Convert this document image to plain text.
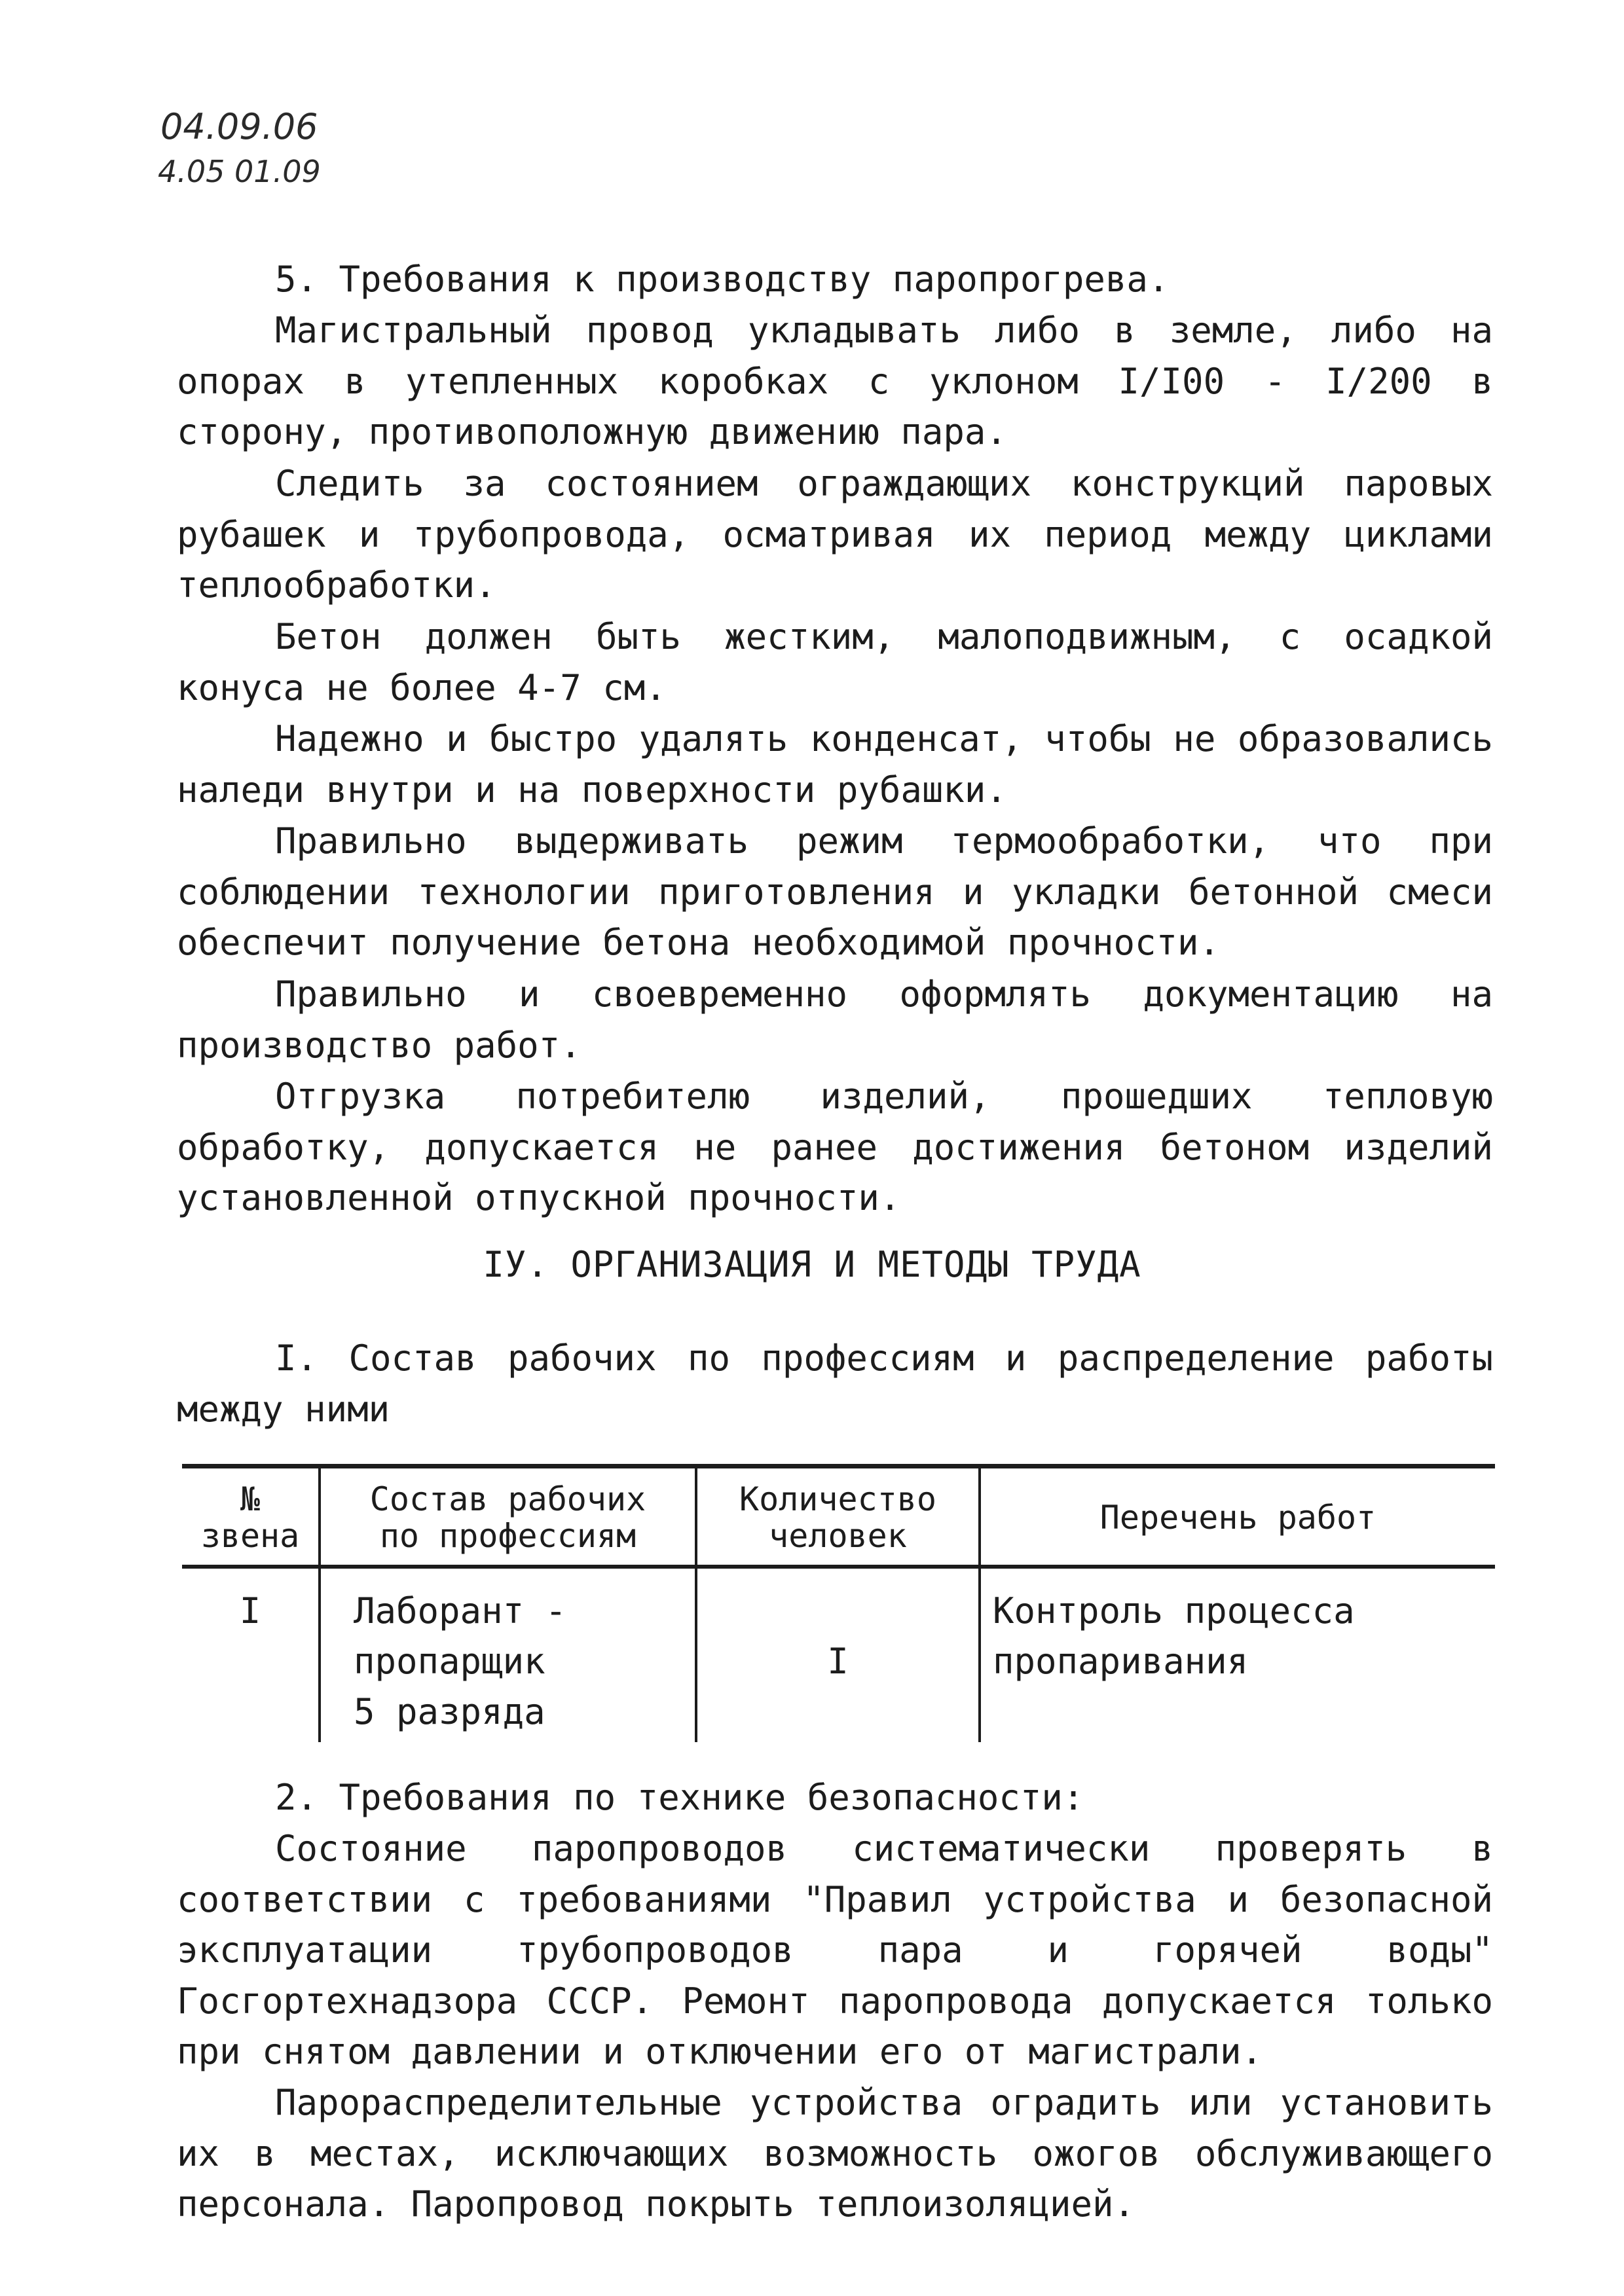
04.09.06
4.05 01.09

5. Требования к производству паропрогрева.

Магистральный провод укладывать либо в земле, либо на опорах в утепленных коробках с уклоном I/I00 - I/200 в сторону, противоположную движению пара.

Следить за состоянием ограждающих конструкций паровых рубашек и трубопровода, осматривая их период между циклами теплообработки.

Бетон должен быть жестким, малоподвижным, с осадкой конуса не более 4-7 см.

Надежно и быстро удалять конденсат, чтобы не образовались наледи внутри и на поверхности рубашки.

Правильно выдерживать режим термообработки, что при соблюдении технологии приготовления и укладки бетонной смеси обеспечит получение бетона необходимой прочности.

Правильно и своевременно оформлять документацию на производство работ.

Отгрузка потребителю изделий, прошедших тепловую обработку, допускается не ранее достижения бетоном изделий установленной отпускной прочности.

IУ. ОРГАНИЗАЦИЯ И МЕТОДЫ ТРУДА

I. Состав рабочих по профессиям и распределение работы между ними

№
звена
Состав рабочих
по профессиям
Количество
человек	Перечень работ
I	Лаборант -
пропарщик
5 разряда
I
Контроль процесса
пропаривания

2. Требования по технике безопасности:

Состояние паропроводов систематически проверять в соответствии с требованиями "Правил устройства и безопасной эксплуатации трубопроводов пара и горячей воды" Госгортехнадзора СССР. Ремонт паропровода допускается только при снятом давлении и отключении его от магистрали.

Парораспределительные устройства оградить или установить их в местах, исключающих возможность ожогов обслуживающего персонала. Паропровод покрыть теплоизоляцией.
